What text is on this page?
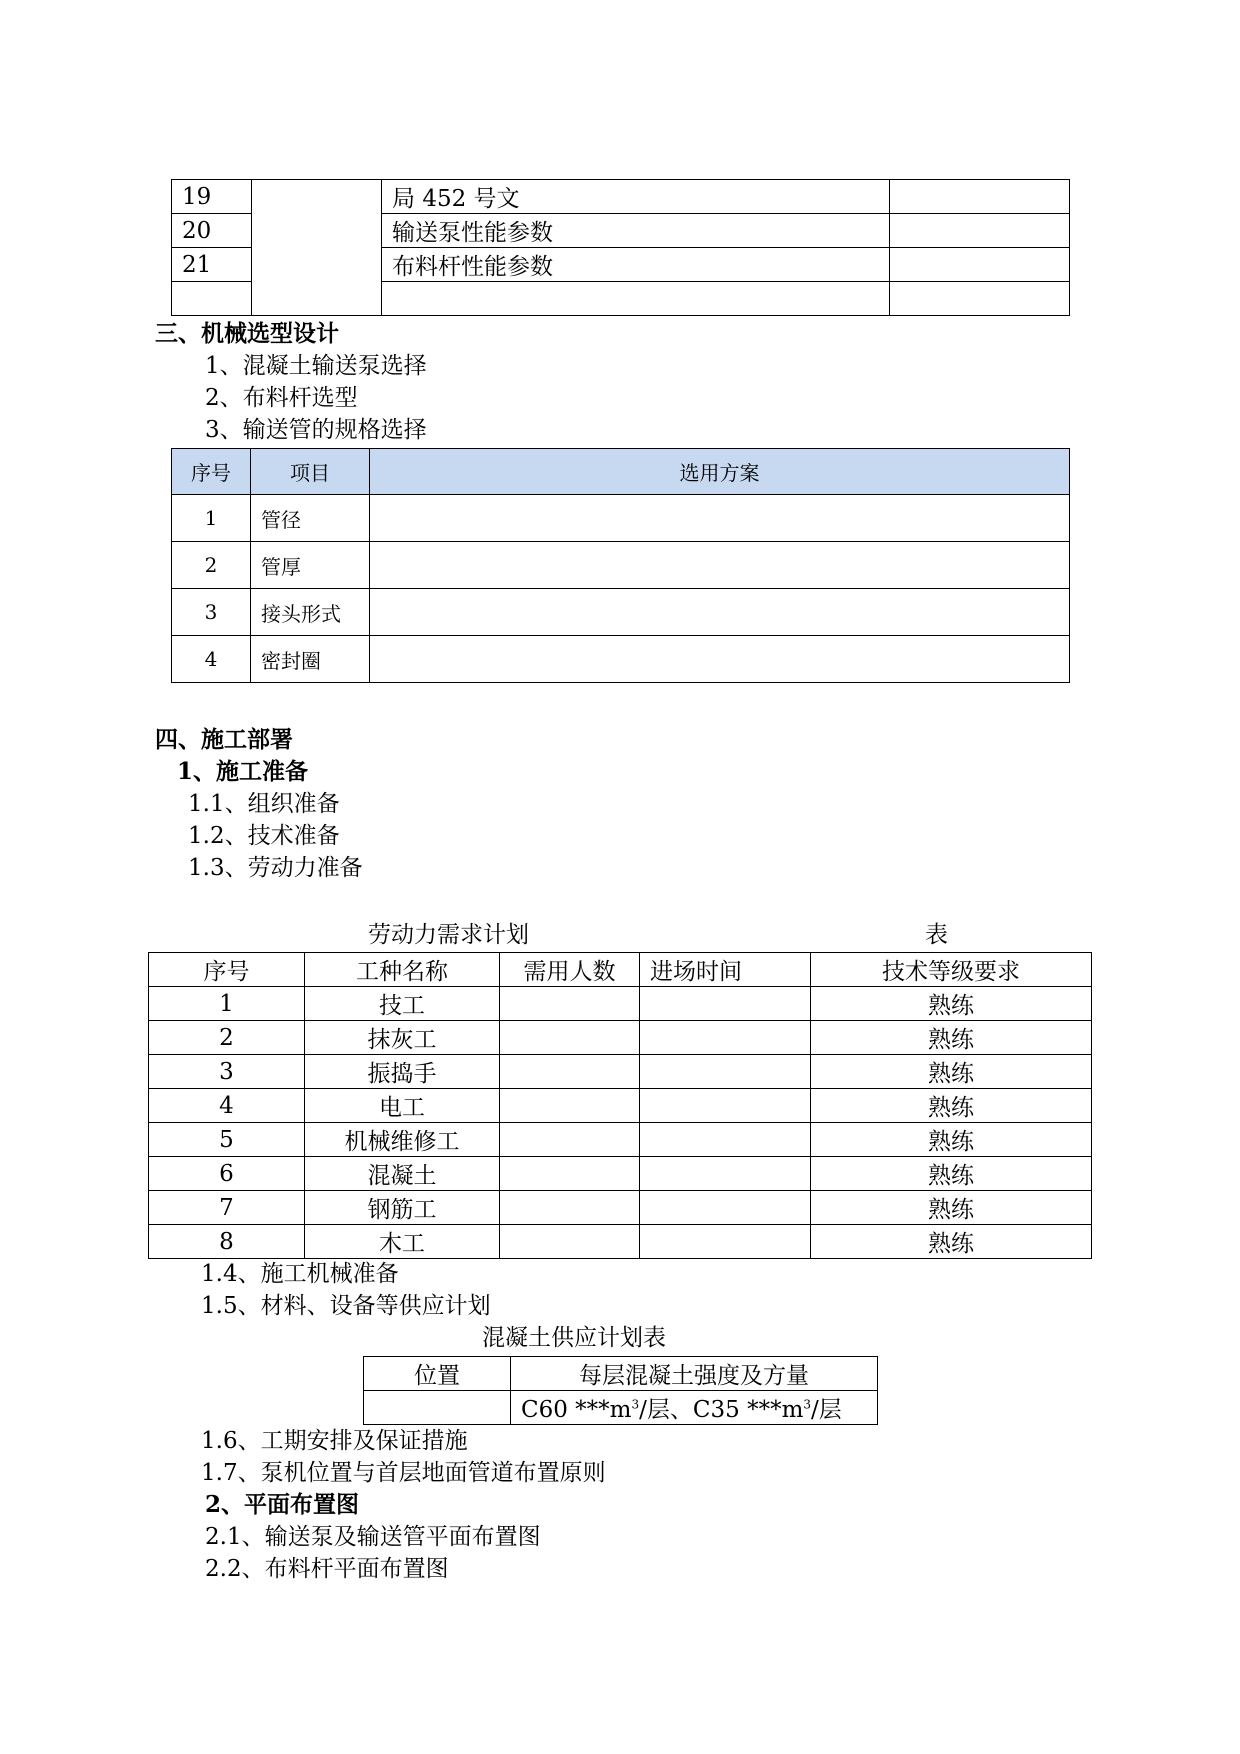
19		局 452 号文	
20		输送泵性能参数	
21		布料杆性能参数	

三、机械选型设计
1、混凝土输送泵选择
2、布料杆选型
3、输送管的规格选择
序号	项目	选用方案
1	管径	
2	管厚	
3	接头形式	
4	密封圈	
四、施工部署
1、施工准备
1.1、组织准备
1.2、技术准备
1.3、劳动力准备
劳动力需求计划	表
序号	工种名称	需用人数	进场时间	技术等级要求
1	技工			熟练
2	抹灰工			熟练
3	振捣手			熟练
4	电工			熟练
5	机械维修工			熟练
6	混凝土			熟练
7	钢筋工			熟练
8	木工			熟练
1.4、施工机械准备
1.5、材料、设备等供应计划
混凝土供应计划表
位置	每层混凝土强度及方量
	C60 $***m^3/$层、C35 $***m^3/$层
1.6、工期安排及保证措施
1.7、泵机位置与首层地面管道布置原则
2、平面布置图
2.1、输送泵及输送管平面布置图
2.2、布料杆平面布置图
